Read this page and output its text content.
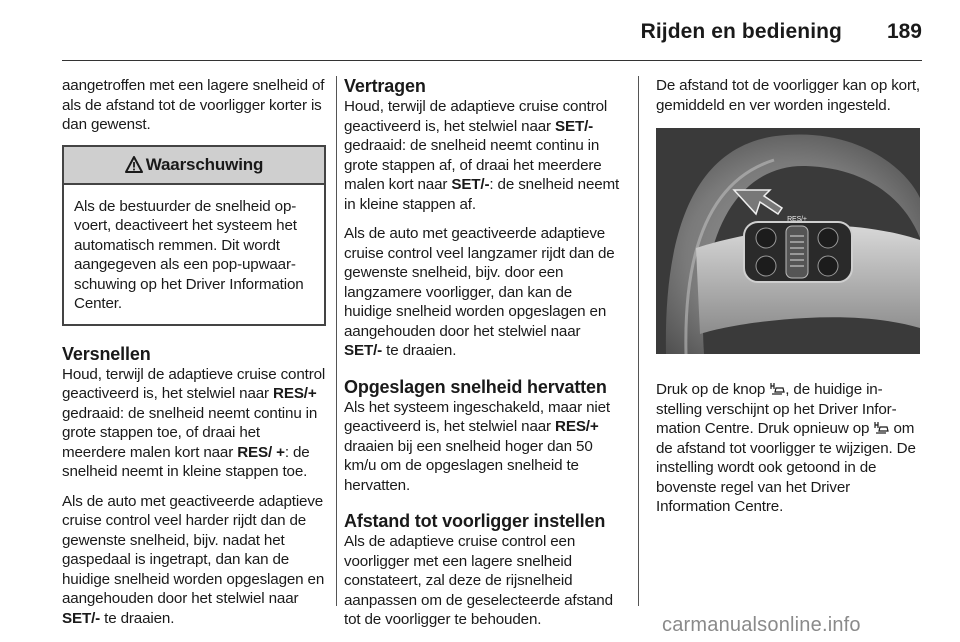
Rijden en bediening 189

aangetroffen met een lagere snelheid of als de afstand tot de voorligger korter is dan gewenst.

Waarschuwing
Als de bestuurder de snelheid opvoert, deactiveert het systeem het automatisch remmen. Dit wordt aangegeven als een pop-upwaarschuwing op het Driver Information Center.
Versnellen

Houd, terwijl de adaptieve cruise control geactiveerd is, het stelwiel naar RES/+ gedraaid: de snelheid neemt continu in grote stappen toe, of draai het meerdere malen kort naar RES/ +: de snelheid neemt in kleine stappen toe.

Als de auto met geactiveerde adaptieve cruise control veel harder rijdt dan de gewenste snelheid, bijv. nadat het gaspedaal is ingetrapt, dan kan de huidige snelheid worden opgeslagen en aangehouden door het stelwiel naar SET/- te draaien.

Vertragen

Houd, terwijl de adaptieve cruise control geactiveerd is, het stelwiel naar SET/- gedraaid: de snelheid neemt continu in grote stappen af, of draai het meerdere malen kort naar SET/-: de snelheid neemt in kleine stappen af.

Als de auto met geactiveerde adaptieve cruise control veel langzamer rijdt dan de gewenste snelheid, bijv. door een langzamere voorligger, dan kan de huidige snelheid worden opgeslagen en aangehouden door het stelwiel naar SET/- te draaien.

Opgeslagen snelheid hervatten

Als het systeem ingeschakeld, maar niet geactiveerd is, het stelwiel naar RES/+ draaien bij een snelheid hoger dan 50 km/u om de opgeslagen snelheid te hervatten.

Afstand tot voorligger instellen

Als de adaptieve cruise control een voorligger met een lagere snelheid constateert, zal deze de rijsnelheid aanpassen om de geselecteerde afstand tot de voorligger te behouden.

De afstand tot de voorligger kan op kort, gemiddeld en ver worden ingesteld.

RES/+

Druk op de knop , de huidige instelling verschijnt op het Driver Information Centre. Druk opnieuw op  om de afstand tot voorligger te wijzigen. De instelling wordt ook getoond in de bovenste regel van het Driver Information Centre.

carmanualsonline.info
